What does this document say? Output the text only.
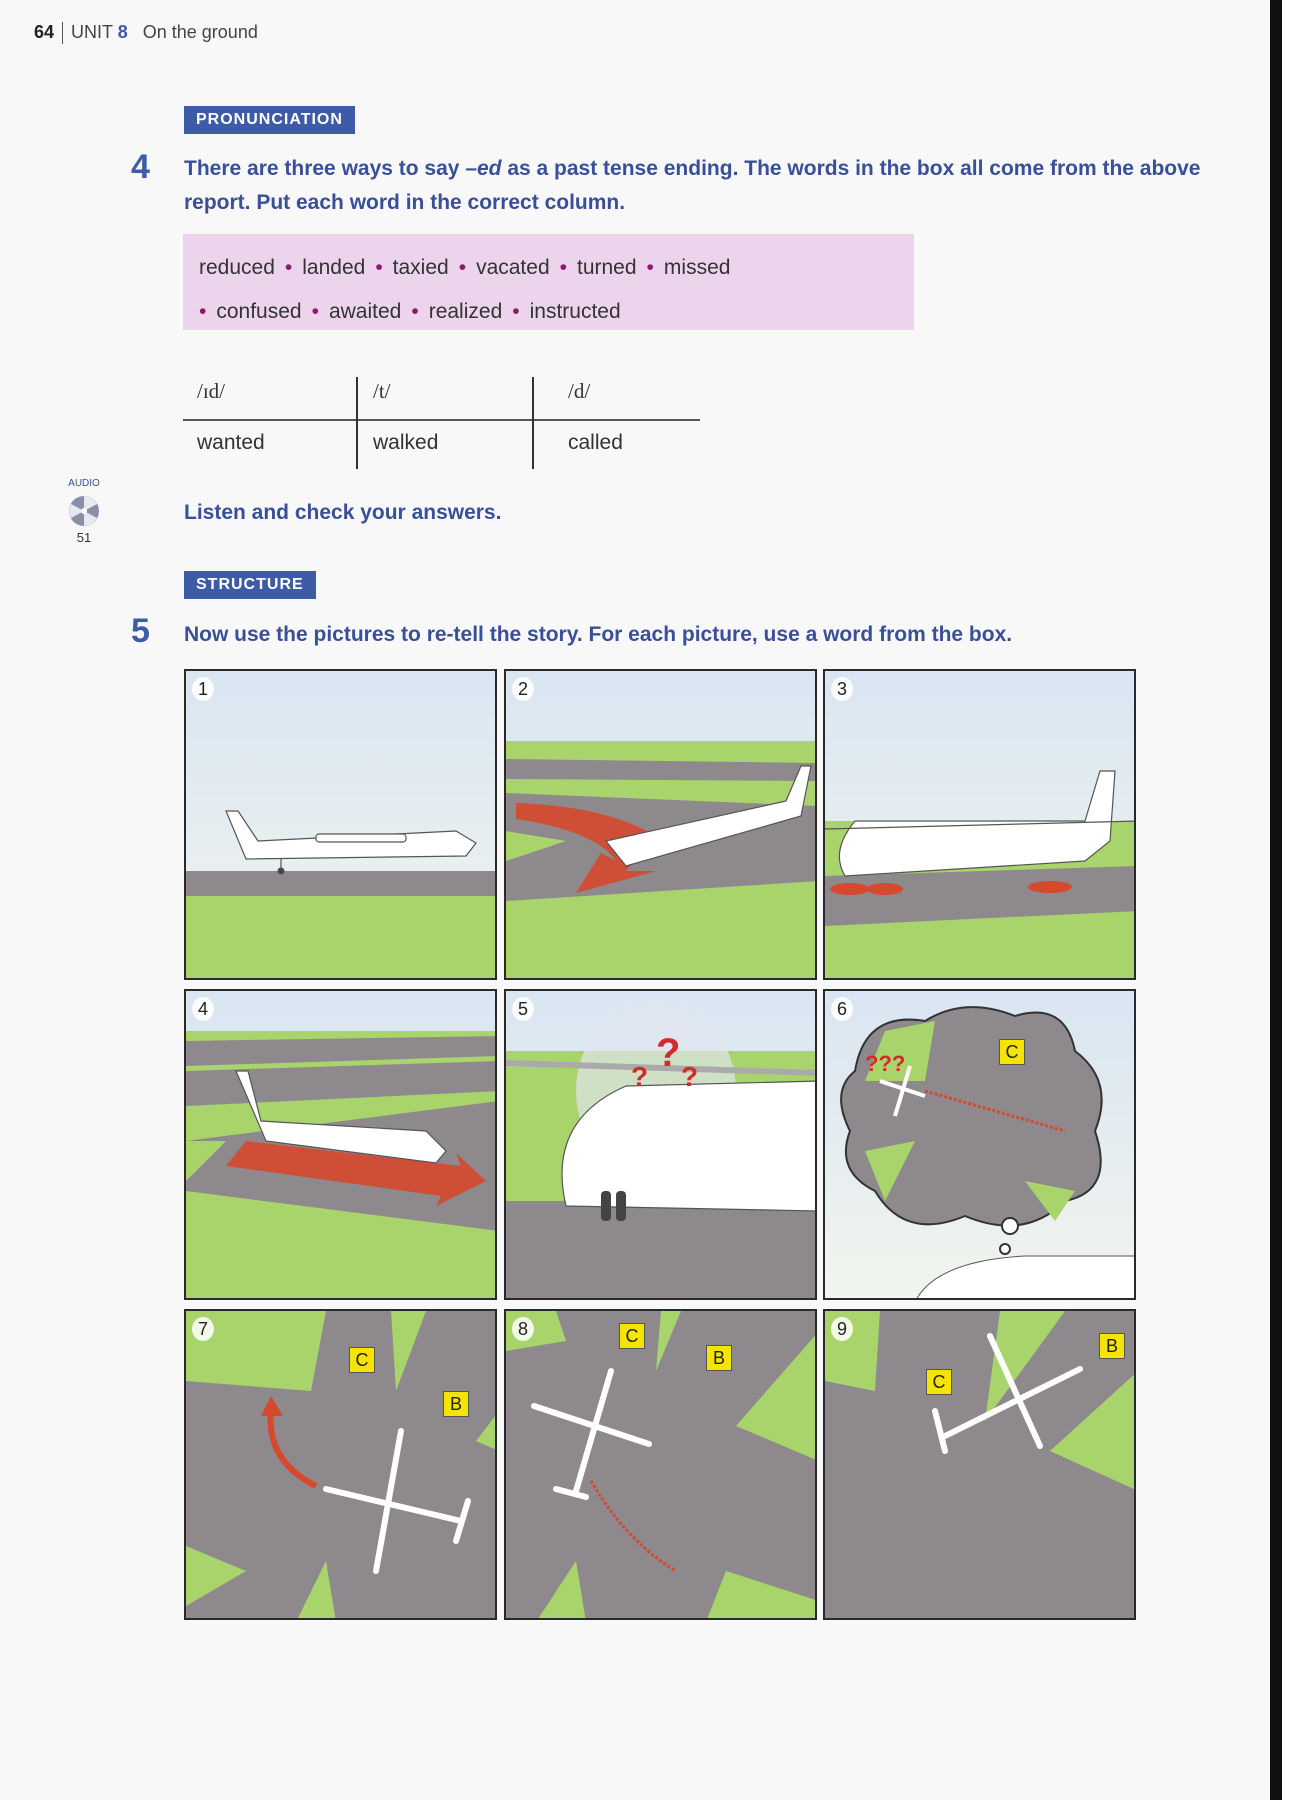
64 UNIT 8 On the ground
PRONUNCIATION
4 There are three ways to say –ed as a past tense ending. The words in the box all come from the above report. Put each word in the correct column.
reduced • landed • taxied • vacated • turned • missed
• confused • awaited • realized • instructed
/ɪd/	/t/	/d/
wanted	walked	called
AUDIO
51
Listen and check your answers.
STRUCTURE
5 Now use the pictures to re-tell the story. For each picture, use a word from the box.
1	2	3
4
?
? ?
5
???
6
C
7
C
B
8	C
B
9
C
B
